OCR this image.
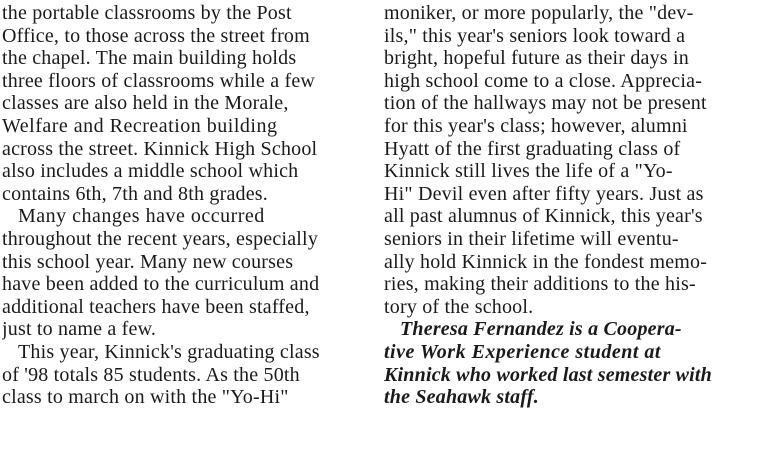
the portable classrooms by the Post
Office, to those across the street from
the chapel. The main building holds
three floors of classrooms while a few
classes are also held in the Morale,
Welfare and Recreation building
across the street. Kinnick High School
also includes a middle school which
contains 6th, 7th and 8th grades.
Many changes have occurred
throughout the recent years, especially
this school year. Many new courses
have been added to the curriculum and
additional teachers have been staffed,
just to name a few.
This year, Kinnick's graduating class
of '98 totals 85 students. As the 50th
class to march on with the "Yo-Hi"
moniker, or more popularly, the "dev-
ils," this year's seniors look toward a
bright, hopeful future as their days in
high school come to a close. Apprecia-
tion of the hallways may not be present
for this year's class; however, alumni
Hyatt of the first graduating class of
Kinnick still lives the life of a "Yo-
Hi" Devil even after fifty years. Just as
all past alumnus of Kinnick, this year's
seniors in their lifetime will eventu-
ally hold Kinnick in the fondest memo-
ries, making their additions to the his-
tory of the school.
Theresa Fernandez is a Coopera-
tive Work Experience student at
Kinnick who worked last semester with
the Seahawk staff.
